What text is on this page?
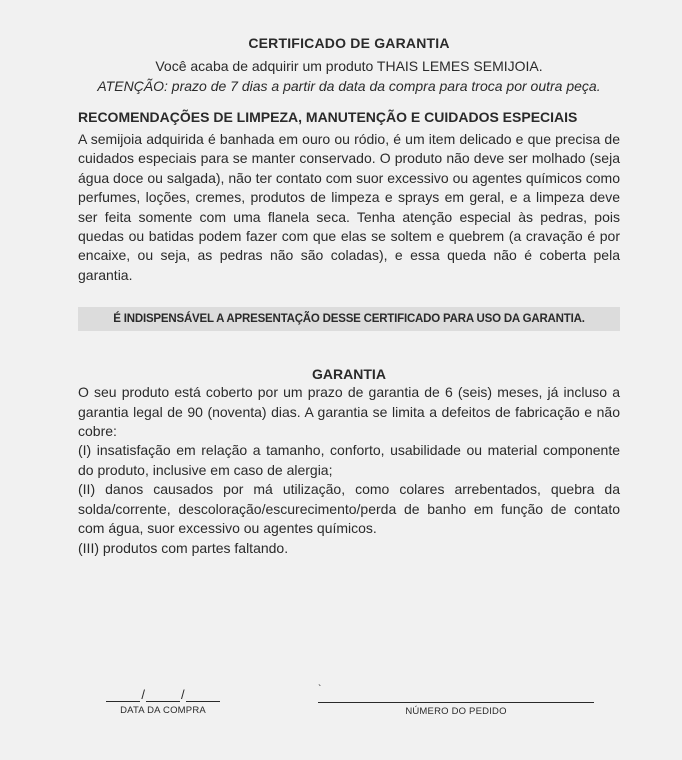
CERTIFICADO DE GARANTIA

Você acaba de adquirir um produto THAIS LEMES SEMIJOIA.

ATENÇÃO: prazo de 7 dias a partir da data da compra para troca por outra peça.

RECOMENDAÇÕES DE LIMPEZA, MANUTENÇÃO E CUIDADOS ESPECIAIS

A semijoia adquirida é banhada em ouro ou ródio, é um item delicado e que precisa de cuidados especiais para se manter conservado. O produto não deve ser molhado (seja água doce ou salgada), não ter contato com suor excessivo ou agentes químicos como perfumes, loções, cremes, produtos de limpeza e sprays em geral, e a limpeza deve ser feita somente com uma flanela seca. Tenha atenção especial às pedras, pois quedas ou batidas podem fazer com que elas se soltem e quebrem (a cravação é por encaixe, ou seja, as pedras não são coladas), e essa queda não é coberta pela garantia.

É INDISPENSÁVEL A APRESENTAÇÃO DESSE CERTIFICADO PARA USO DA GARANTIA.
GARANTIA

O seu produto está coberto por um prazo de garantia de 6 (seis) meses, já incluso a garantia legal de 90 (noventa) dias. A garantia se limita a defeitos de fabricação e não cobre:

(I) insatisfação em relação a tamanho, conforto, usabilidade ou material componente do produto, inclusive em caso de alergia;

(II) danos causados por má utilização, como colares arrebentados, quebra da solda/corrente, descoloração/escurecimento/perda de banho em função de contato com água, suor excessivo ou agentes químicos.

(III) produtos com partes faltando.

/	/
DATA DA COMPRA
`
NÚMERO DO PEDIDO
